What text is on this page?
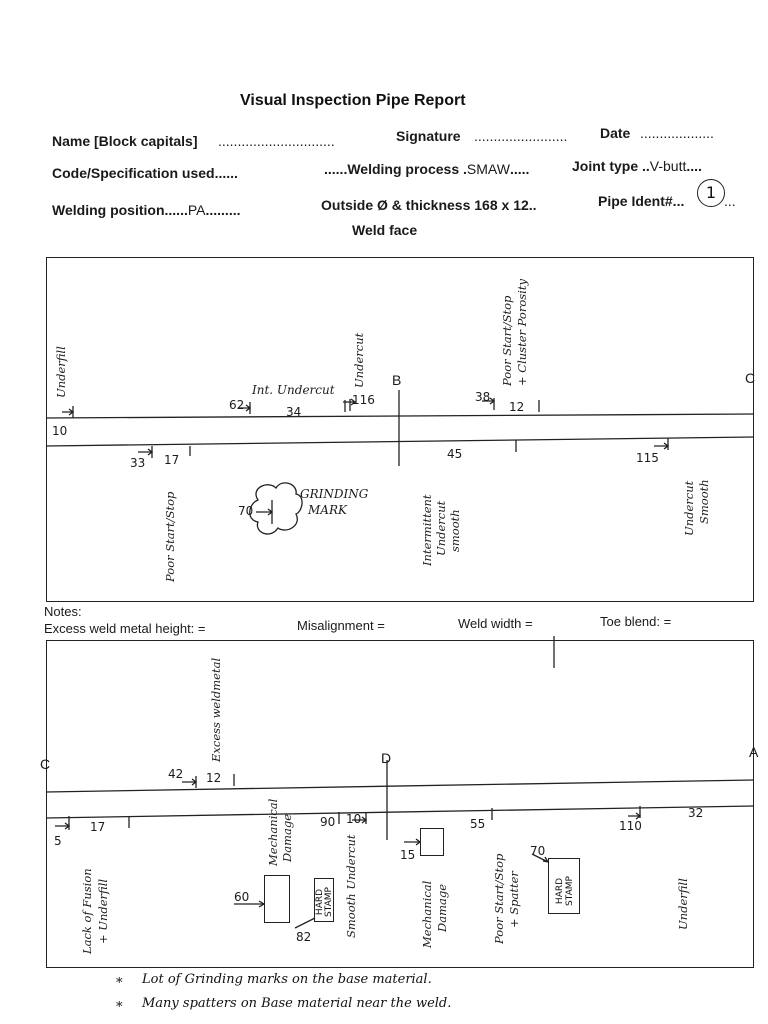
Visual Inspection Pipe Report
Name [Block capitals] ..............................	Signature ........................ Date ...................
Code/Specification used......	......Welding process .SMAW.....	Joint type ..V-butt....
Welding position......PA.........	Outside Ø & thickness 168 x 12..	Pipe Ident#...	1 ...
Weld face
Underfill
10
62
Int. Undercut
34
Undercut
116	38
Poor Start/Stop + Cluster Porosity
12
B	C
33 17
Poor Start/Stop	70
GRINDING
MARK
45
Intermittent Undercut smooth
115
Undercut Smooth
Notes:
Excess weld metal height: =	Misalignment =	Weld width =	Toe blend: =
C	D	A
Excess weldmetal
42 12
5
17
Lack of Fusion + Underfill
Mechanical Damage
60
82
HARD STAMP
90 10
Smooth Undercut	15
Mechanical Damage
55
Poor Start/Stop + Spatter
70
HARD STAMP
110
32
Underfill
* Lot of Grinding marks on the base material.
* Many spatters on Base material near the weld.
